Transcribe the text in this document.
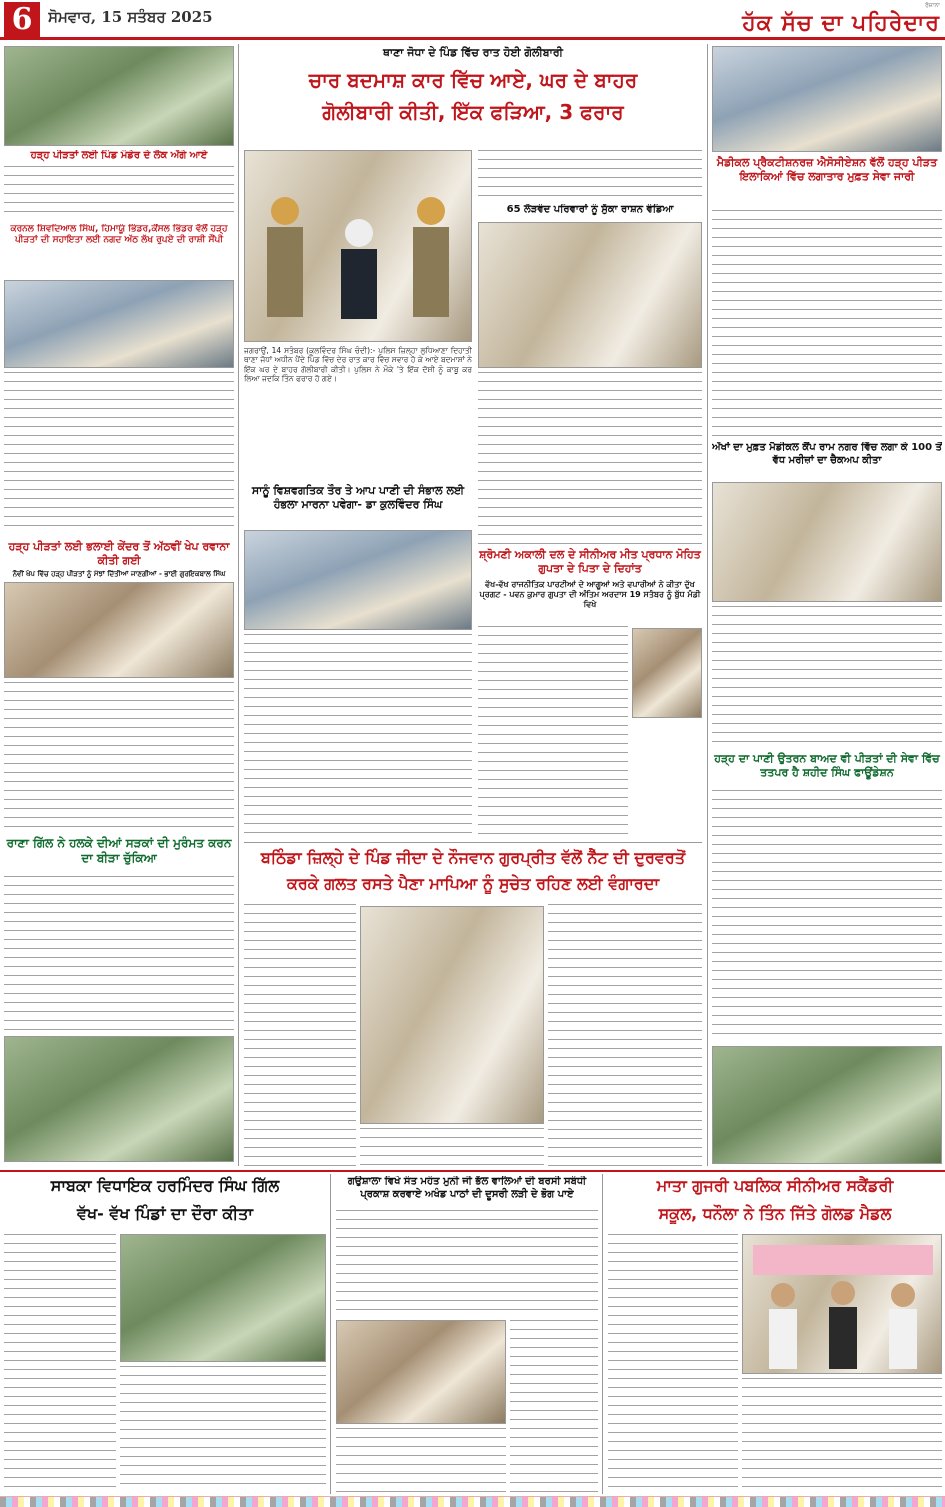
6	ਸੋਮਵਾਰ, 15 ਸਤੰਬਰ 2025
ਰੋਜ਼ਾਨਾ
ਹੱਕ ਸੱਚ ਦਾ ਪਹਿਰੇਦਾਰ
ਹੜ੍ਹ ਪੀੜਤਾਂ ਲਈ ਪਿੰਡ ਮੰਡੇਰ ਦੇ ਲੋਕ ਅੱਗੇ ਆਏ
ਕਰਨਲ ਸ਼ਿਵਦਿਆਲ ਸਿੰਘ, ਹਿਮਾਯੂੰ ਭਿੰਡਰ,ਕੌਂਸਲ ਭਿੰਡਰ ਵੱਲੋਂ ਹੜ੍ਹ ਪੀੜਤਾਂ ਦੀ ਸਹਾਇਤਾ ਲਈ ਨਗਦ ਅੱਠ ਲੱਖ ਰੁਪਏ ਦੀ ਰਾਸ਼ੀ ਸੌਂਪੀ
ਹੜ੍ਹ ਪੀੜਤਾਂ ਲਈ ਭਲਾਈ ਕੇਂਦਰ ਤੋਂ ਅੱਠਵੀਂ ਖੇਪ ਰਵਾਨਾ ਕੀਤੀ ਗਈ
ਨੌਵੀਂ ਖੇਪ ਵਿੱਚ ਹੜ੍ਹ ਪੀੜਤਾਂ ਨੂੰ ਮੱਝਾਂ ਦਿੱਤੀਆਂ ਜਾਣਗੀਆਂ - ਭਾਈ ਗੁਰਇਕਬਾਲ ਸਿੰਘ
ਰਾਣਾ ਗਿੱਲ ਨੇ ਹਲਕੇ ਦੀਆਂ ਸੜਕਾਂ ਦੀ ਮੁਰੰਮਤ ਕਰਨ ਦਾ ਬੀੜਾ ਚੁੱਕਿਆ
ਥਾਣਾ ਜੋਧਾ ਦੇ ਪਿੰਡ ਵਿੱਚ ਰਾਤ ਹੋਈ ਗੋਲੀਬਾਰੀ
ਚਾਰ ਬਦਮਾਸ਼ ਕਾਰ ਵਿੱਚ ਆਏ, ਘਰ ਦੇ ਬਾਹਰ
ਗੋਲੀਬਾਰੀ ਕੀਤੀ, ਇੱਕ ਫੜਿਆ, 3 ਫਰਾਰ
ਜਗਰਾਉਂ, 14 ਸਤੰਬਰ (ਕੁਲਵਿੰਦਰ ਸਿੰਘ ਚੰਦੀ):- ਪੁਲਿਸ ਜ਼ਿਲ੍ਹਾ ਲੁਧਿਆਣਾ ਦਿਹਾਤੀ ਥਾਣਾ ਜੋਧਾਂ ਅਧੀਨ ਪੈਂਦੇ ਪਿੰਡ ਵਿੱਚ ਦੇਰ ਰਾਤ ਕਾਰ ਵਿੱਚ ਸਵਾਰ ਹੋ ਕੇ ਆਏ ਬਦਮਾਸ਼ਾਂ ਨੇ ਇੱਕ ਘਰ ਦੇ ਬਾਹਰ ਗੋਲੀਬਾਰੀ ਕੀਤੀ। ਪੁਲਿਸ ਨੇ ਮੌਕੇ 'ਤੇ ਇੱਕ ਦੋਸ਼ੀ ਨੂੰ ਕਾਬੂ ਕਰ ਲਿਆ ਜਦਕਿ ਤਿੰਨ ਫਰਾਰ ਹੋ ਗਏ।
65 ਲੋੜਵੰਦ ਪਰਿਵਾਰਾਂ ਨੂੰ ਸੁੱਕਾ ਰਾਸ਼ਨ ਵੰਡਿਆ
ਸਾਨੂੰ ਵਿਸ਼ਵਗਤਿਕ ਤੌਰ ਤੇ ਆਪ ਪਾਣੀ ਦੀ ਸੰਭਾਲ ਲਈ ਹੰਭਲਾ ਮਾਰਨਾ ਪਵੇਗਾ- ਡਾ ਕੁਲਵਿੰਦਰ ਸਿੰਘ
ਸ਼੍ਰੋਮਣੀ ਅਕਾਲੀ ਦਲ ਦੇ ਸੀਨੀਅਰ ਮੀਤ ਪ੍ਰਧਾਨ ਮੋਹਿਤ ਗੁਪਤਾ ਦੇ ਪਿਤਾ ਦੇ ਦਿਹਾਂਤ
ਵੱਖ-ਵੱਖ ਰਾਜਨੀਤਿਕ ਪਾਰਟੀਆਂ ਦੇ ਆਗੂਆਂ ਅਤੇ ਵਪਾਰੀਆਂ ਨੇ ਕੀਤਾ ਦੁੱਖ ਪ੍ਰਗਟ - ਪਵਨ ਕੁਮਾਰ ਗੁਪਤਾ ਦੀ ਅੰਤਿਮ ਅਰਦਾਸ 19 ਸਤੰਬਰ ਨੂੰ ਬੁੱਧ ਮੰਡੀ ਵਿਖੇ
ਬਠਿੰਡਾ ਜ਼ਿਲ੍ਹੇ ਦੇ ਪਿੰਡ ਜੀਦਾ ਦੇ ਨੌਜਵਾਨ ਗੁਰਪ੍ਰੀਤ ਵੱਲੋਂ ਨੈੱਟ ਦੀ ਦੁਰਵਰਤੋਂ
ਕਰਕੇ ਗਲਤ ਰਸਤੇ ਪੈਣਾ ਮਾਪਿਆ ਨੂੰ ਸੁਚੇਤ ਰਹਿਣ ਲਈ ਵੰਗਾਰਦਾ
ਮੈਡੀਕਲ ਪ੍ਰੈਕਟੀਸ਼ਨਰਜ਼ ਐਸੋਸੀਏਸ਼ਨ ਵੱਲੋਂ ਹੜ੍ਹ ਪੀੜਤ ਇਲਾਕਿਆਂ ਵਿੱਚ ਲਗਾਤਾਰ ਮੁਫ਼ਤ ਸੇਵਾ ਜਾਰੀ
ਅੱਖਾਂ ਦਾ ਮੁਫ਼ਤ ਮੈਡੀਕਲ ਕੈਂਪ ਰਾਮ ਨਗਰ ਵਿੱਚ ਲਗਾ ਕੇ 100 ਤੋਂ ਵੱਧ ਮਰੀਜ਼ਾਂ ਦਾ ਚੈਕਅਪ ਕੀਤਾ
ਹੜ੍ਹ ਦਾ ਪਾਣੀ ਉਤਰਨ ਬਾਅਦ ਵੀ ਪੀੜਤਾਂ ਦੀ ਸੇਵਾ ਵਿੱਚ ਤਤਪਰ ਹੈ ਸ਼ਹੀਦ ਸਿੰਘ ਫਾਊਂਡੇਸ਼ਨ
ਸਾਬਕਾ ਵਿਧਾਇਕ ਹਰਮਿੰਦਰ ਸਿੰਘ ਗਿੱਲ
ਵੱਖ- ਵੱਖ ਪਿੰਡਾਂ ਦਾ ਦੌਰਾ ਕੀਤਾ
ਗਉਸ਼ਾਲਾ ਵਿਖੇ ਸੰਤ ਮਹੰਤ ਮੁਨੀ ਜੀ ਭੱਲ ਵਾਲਿਆਂ ਦੀ ਬਰਸੀ ਸਬੰਧੀ ਪ੍ਰਕਾਸ਼ ਕਰਵਾਏ ਅਖੰਡ ਪਾਠਾਂ ਦੀ ਦੂਸਰੀ ਲੜੀ ਦੇ ਭੋਗ ਪਾਏ	ਮਾਤਾ ਗੁਜਰੀ ਪਬਲਿਕ ਸੀਨੀਅਰ ਸਕੈਂਡਰੀ
ਸਕੂਲ, ਧਨੌਲਾ ਨੇ ਤਿੰਨ ਜਿੱਤੇ ਗੋਲਡ ਮੈਡਲ
